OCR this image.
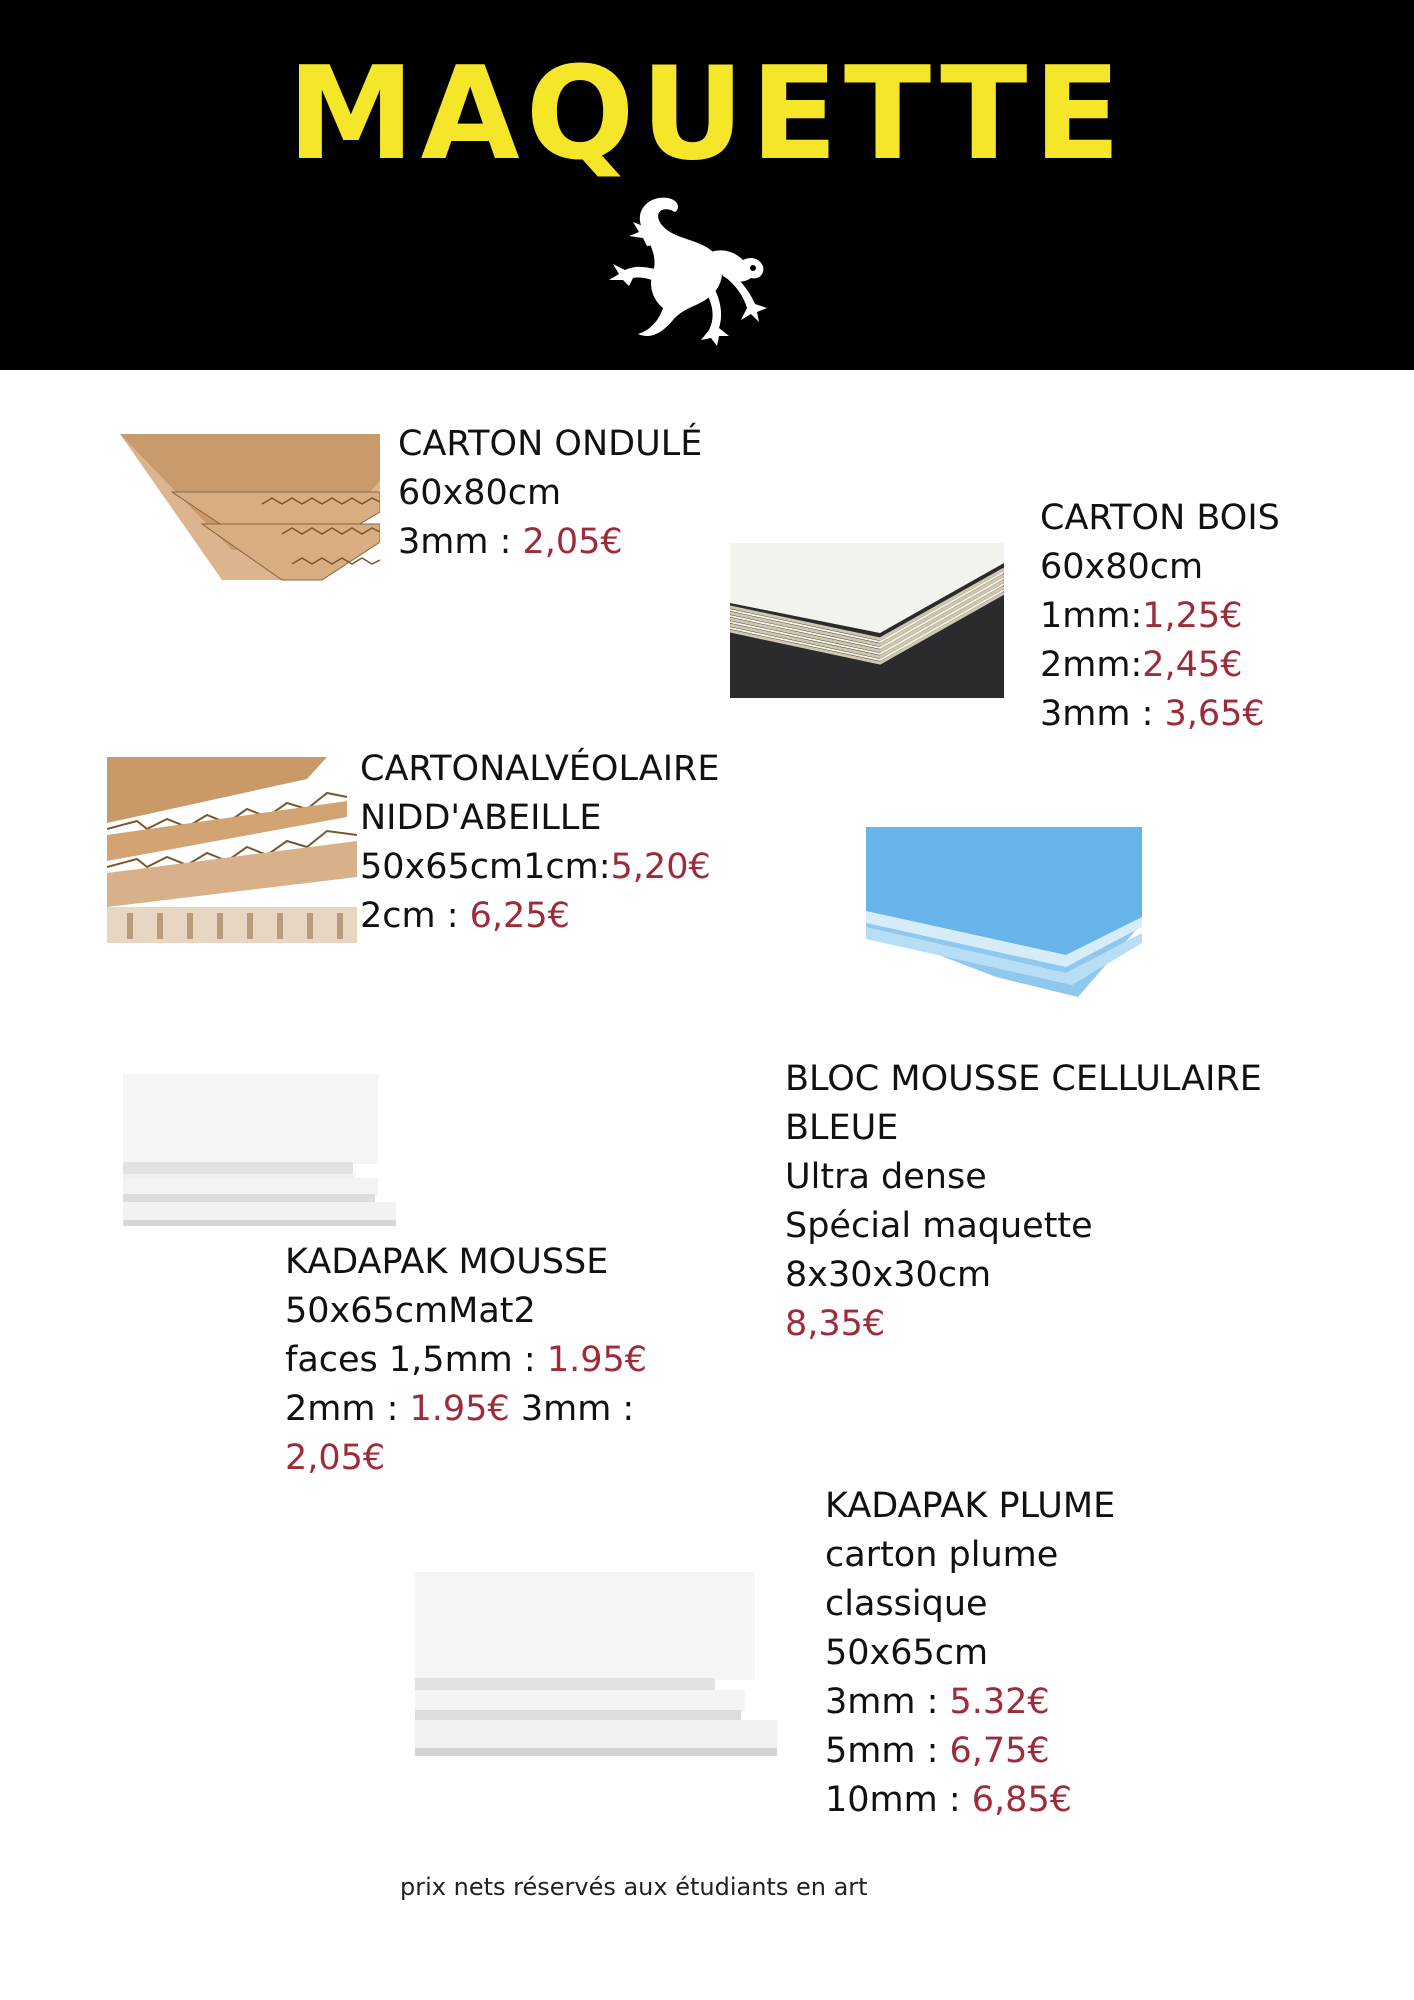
MAQUETTE
CARTON ONDULÉ
60x80cm
3mm : 2,05€
CARTON BOIS
60x80cm
1mm:1,25€
2mm:2,45€
3mm : 3,65€
CARTONALVÉOLAIRE
NIDD'ABEILLE
50x65cm1cm:5,20€
2cm : 6,25€
BLOC MOUSSE CELLULAIRE
BLEUE
Ultra dense
Spécial maquette
8x30x30cm
8,35€
KADAPAK MOUSSE
50x65cmMat2
faces 1,5mm : 1.95€
2mm : 1.95€ 3mm :
2,05€
KADAPAK PLUME
carton plume
classique
50x65cm
3mm : 5.32€
5mm : 6,75€
10mm : 6,85€
prix nets réservés aux étudiants en art
